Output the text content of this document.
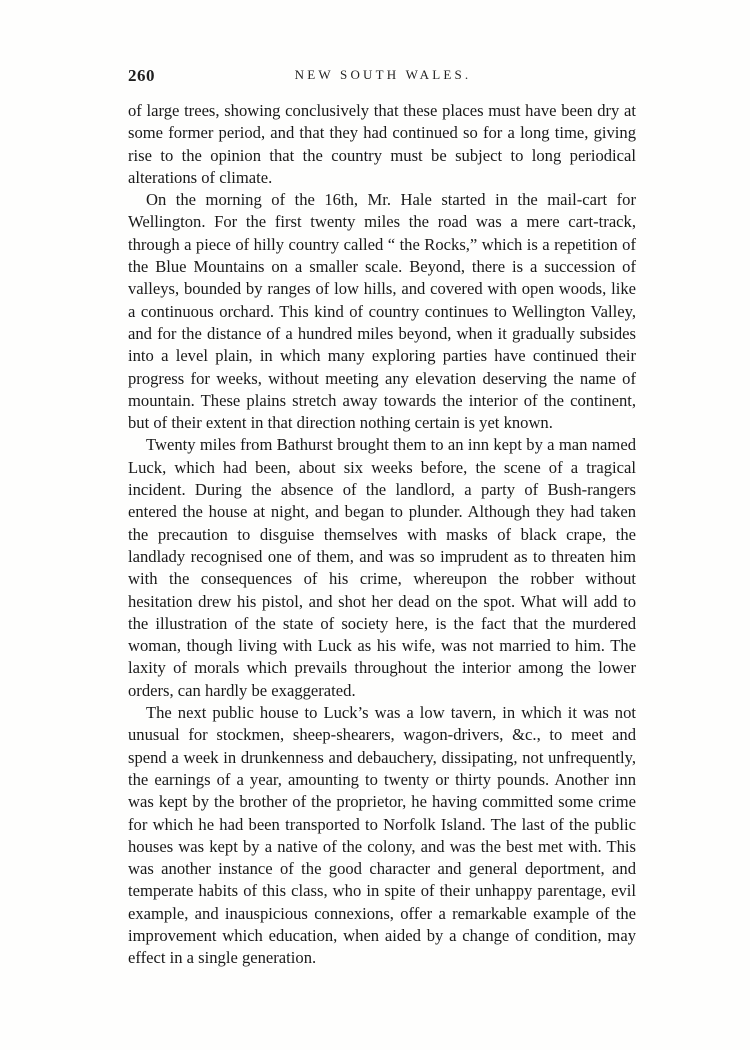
260	NEW SOUTH WALES.

of large trees, showing conclusively that these places must have been dry at some former period, and that they had continued so for a long time, giving rise to the opinion that the country must be subject to long periodical alterations of climate.

On the morning of the 16th, Mr. Hale started in the mail-cart for Wellington. For the first twenty miles the road was a mere cart-track, through a piece of hilly country called “ the Rocks,” which is a repetition of the Blue Mountains on a smaller scale. Beyond, there is a succession of valleys, bounded by ranges of low hills, and covered with open woods, like a continuous orchard. This kind of country continues to Wellington Valley, and for the distance of a hundred miles beyond, when it gradually subsides into a level plain, in which many exploring parties have continued their progress for weeks, without meeting any elevation deserving the name of mountain. These plains stretch away towards the interior of the continent, but of their extent in that direction nothing certain is yet known.

Twenty miles from Bathurst brought them to an inn kept by a man named Luck, which had been, about six weeks before, the scene of a tragical incident. During the absence of the landlord, a party of Bush-rangers entered the house at night, and began to plunder. Although they had taken the precaution to disguise themselves with masks of black crape, the landlady recognised one of them, and was so imprudent as to threaten him with the consequences of his crime, whereupon the robber without hesitation drew his pistol, and shot her dead on the spot. What will add to the illustration of the state of society here, is the fact that the murdered woman, though living with Luck as his wife, was not married to him. The laxity of morals which prevails throughout the interior among the lower orders, can hardly be exaggerated.

The next public house to Luck’s was a low tavern, in which it was not unusual for stockmen, sheep-shearers, wagon-drivers, &c., to meet and spend a week in drunkenness and debauchery, dissipating, not unfrequently, the earnings of a year, amounting to twenty or thirty pounds. Another inn was kept by the brother of the proprietor, he having committed some crime for which he had been transported to Norfolk Island. The last of the public houses was kept by a native of the colony, and was the best met with. This was another instance of the good character and general deportment, and temperate habits of this class, who in spite of their unhappy parentage, evil example, and inauspicious connexions, offer a remarkable example of the improvement which education, when aided by a change of condition, may effect in a single generation.
